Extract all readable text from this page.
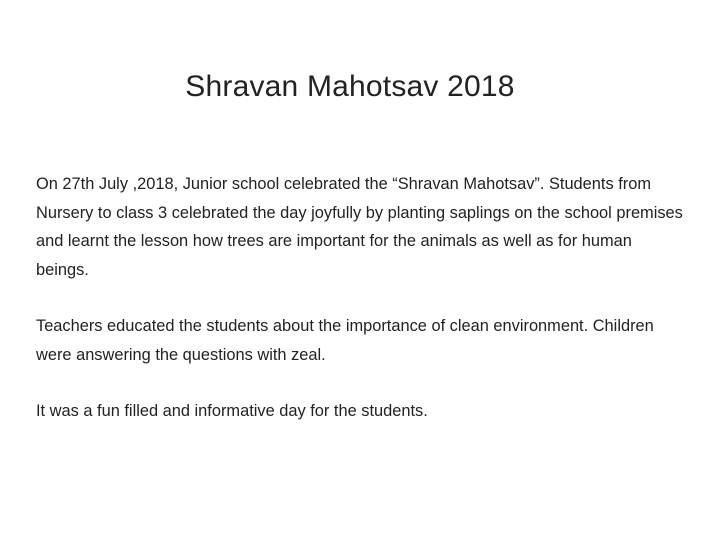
Shravan Mahotsav 2018

On 27th July ,2018, Junior school celebrated the “Shravan Mahotsav”. Students from Nursery to class 3 celebrated the day joyfully by planting saplings on the school premises and learnt the lesson how trees are important for the animals as well as for human beings.

Teachers educated the students about the importance of clean environment. Children were answering the questions with zeal.

It was a fun filled and informative day for the students.
